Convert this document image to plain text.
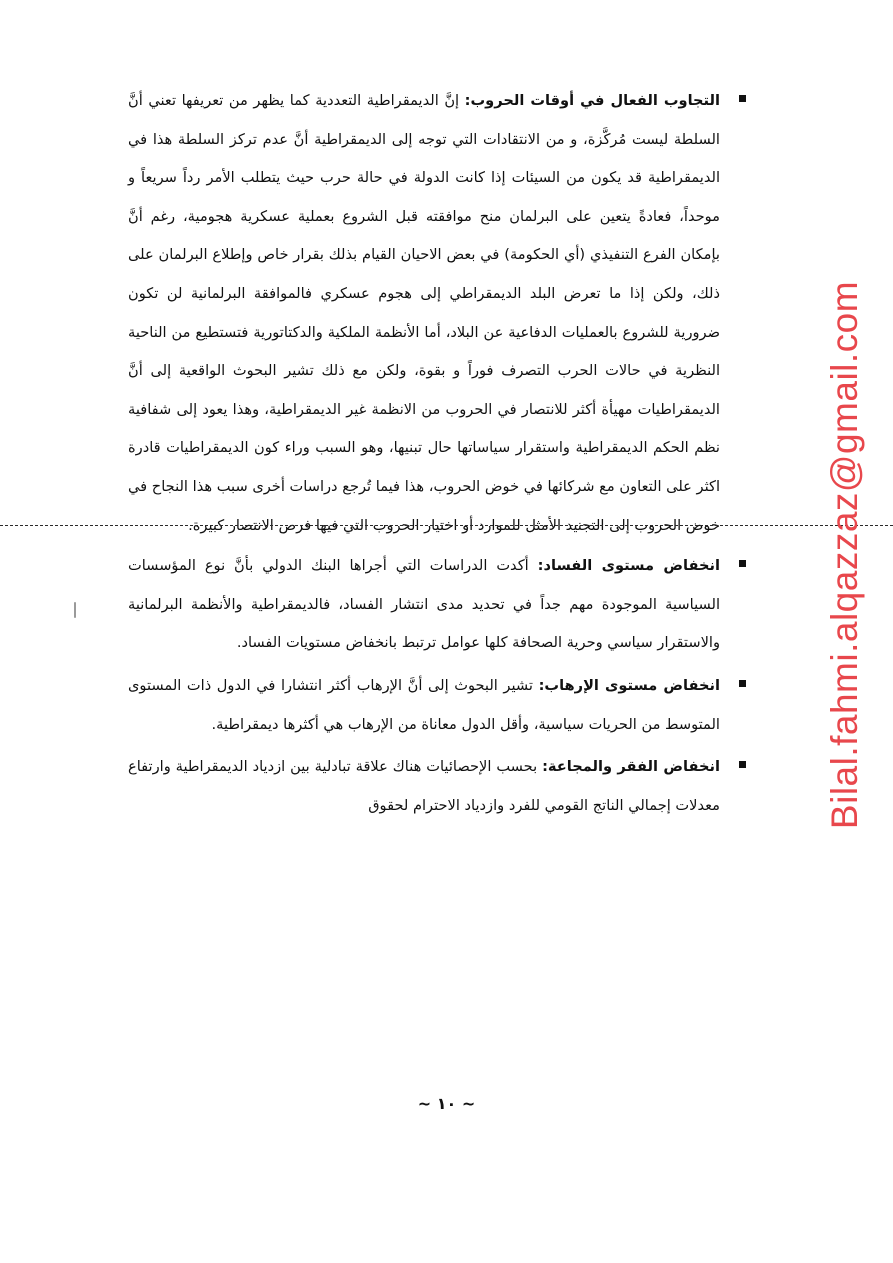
التجاوب الفعال في أوقات الحروب: إنَّ الديمقراطية التعددية كما يظهر من تعريفها تعني أنَّ السلطة ليست مُركَّزة، و من الانتقادات التي توجه إلى الديمقراطية أنَّ عدم تركز السلطة هذا في الديمقراطية قد يكون من السيئات إذا كانت الدولة في حالة حرب حيث يتطلب الأمر رداً سريعاً و موحداً، فعادةً يتعين على البرلمان منح موافقته قبل الشروع بعملية عسكرية هجومية، رغم أنَّ بإمكان الفرع التنفيذي (أي الحكومة) في بعض الاحيان القيام بذلك بقرار خاص وإطلاع البرلمان على ذلك، ولكن إذا ما تعرض البلد الديمقراطي إلى هجوم عسكري فالموافقة البرلمانية لن تكون ضرورية للشروع بالعمليات الدفاعية عن البلاد، أما الأنظمة الملكية والدكتاتورية فتستطيع من الناحية النظرية في حالات الحرب التصرف فوراً و بقوة، ولكن مع ذلك تشير البحوث الواقعية إلى أنَّ الديمقراطيات مهيأة أكثر للانتصار في الحروب من الانظمة غير الديمقراطية، وهذا يعود إلى شفافية نظم الحكم الديمقراطية واستقرار سياساتها حال تبنيها، وهو السبب وراء كون الديمقراطيات قادرة اكثر على التعاون مع شركائها في خوض الحروب، هذا فيما تُرجع دراسات أخرى سبب هذا النجاح في خوض الحروب إلى التجنيد الأمثل للموارد أو اختيار الحروب التي فيها فرص الانتصار كبيرة.

انخفاض مستوى الفساد: أكدت الدراسات التي أجراها البنك الدولي بأنَّ نوع المؤسسات السياسية الموجودة مهم جداً في تحديد مدى انتشار الفساد، فالديمقراطية والأنظمة البرلمانية والاستقرار سياسي وحرية الصحافة كلها عوامل ترتبط بانخفاض مستويات الفساد.

انخفاض مستوى الإرهاب: تشير البحوث إلى أنَّ الإرهاب أكثر انتشارا في الدول ذات المستوى المتوسط من الحريات سياسية، وأقل الدول معاناة من الإرهاب هي أكثرها ديمقراطية.

انخفاض الفقر والمجاعة: بحسب الإحصائيات هناك علاقة تبادلية بين ازدياد الديمقراطية وارتفاع معدلات إجمالي الناتج القومي للفرد وازدياد الاحترام لحقوق

~ ١٠ ~
Bilal.fahmi.alqazzaz@gmail.com
